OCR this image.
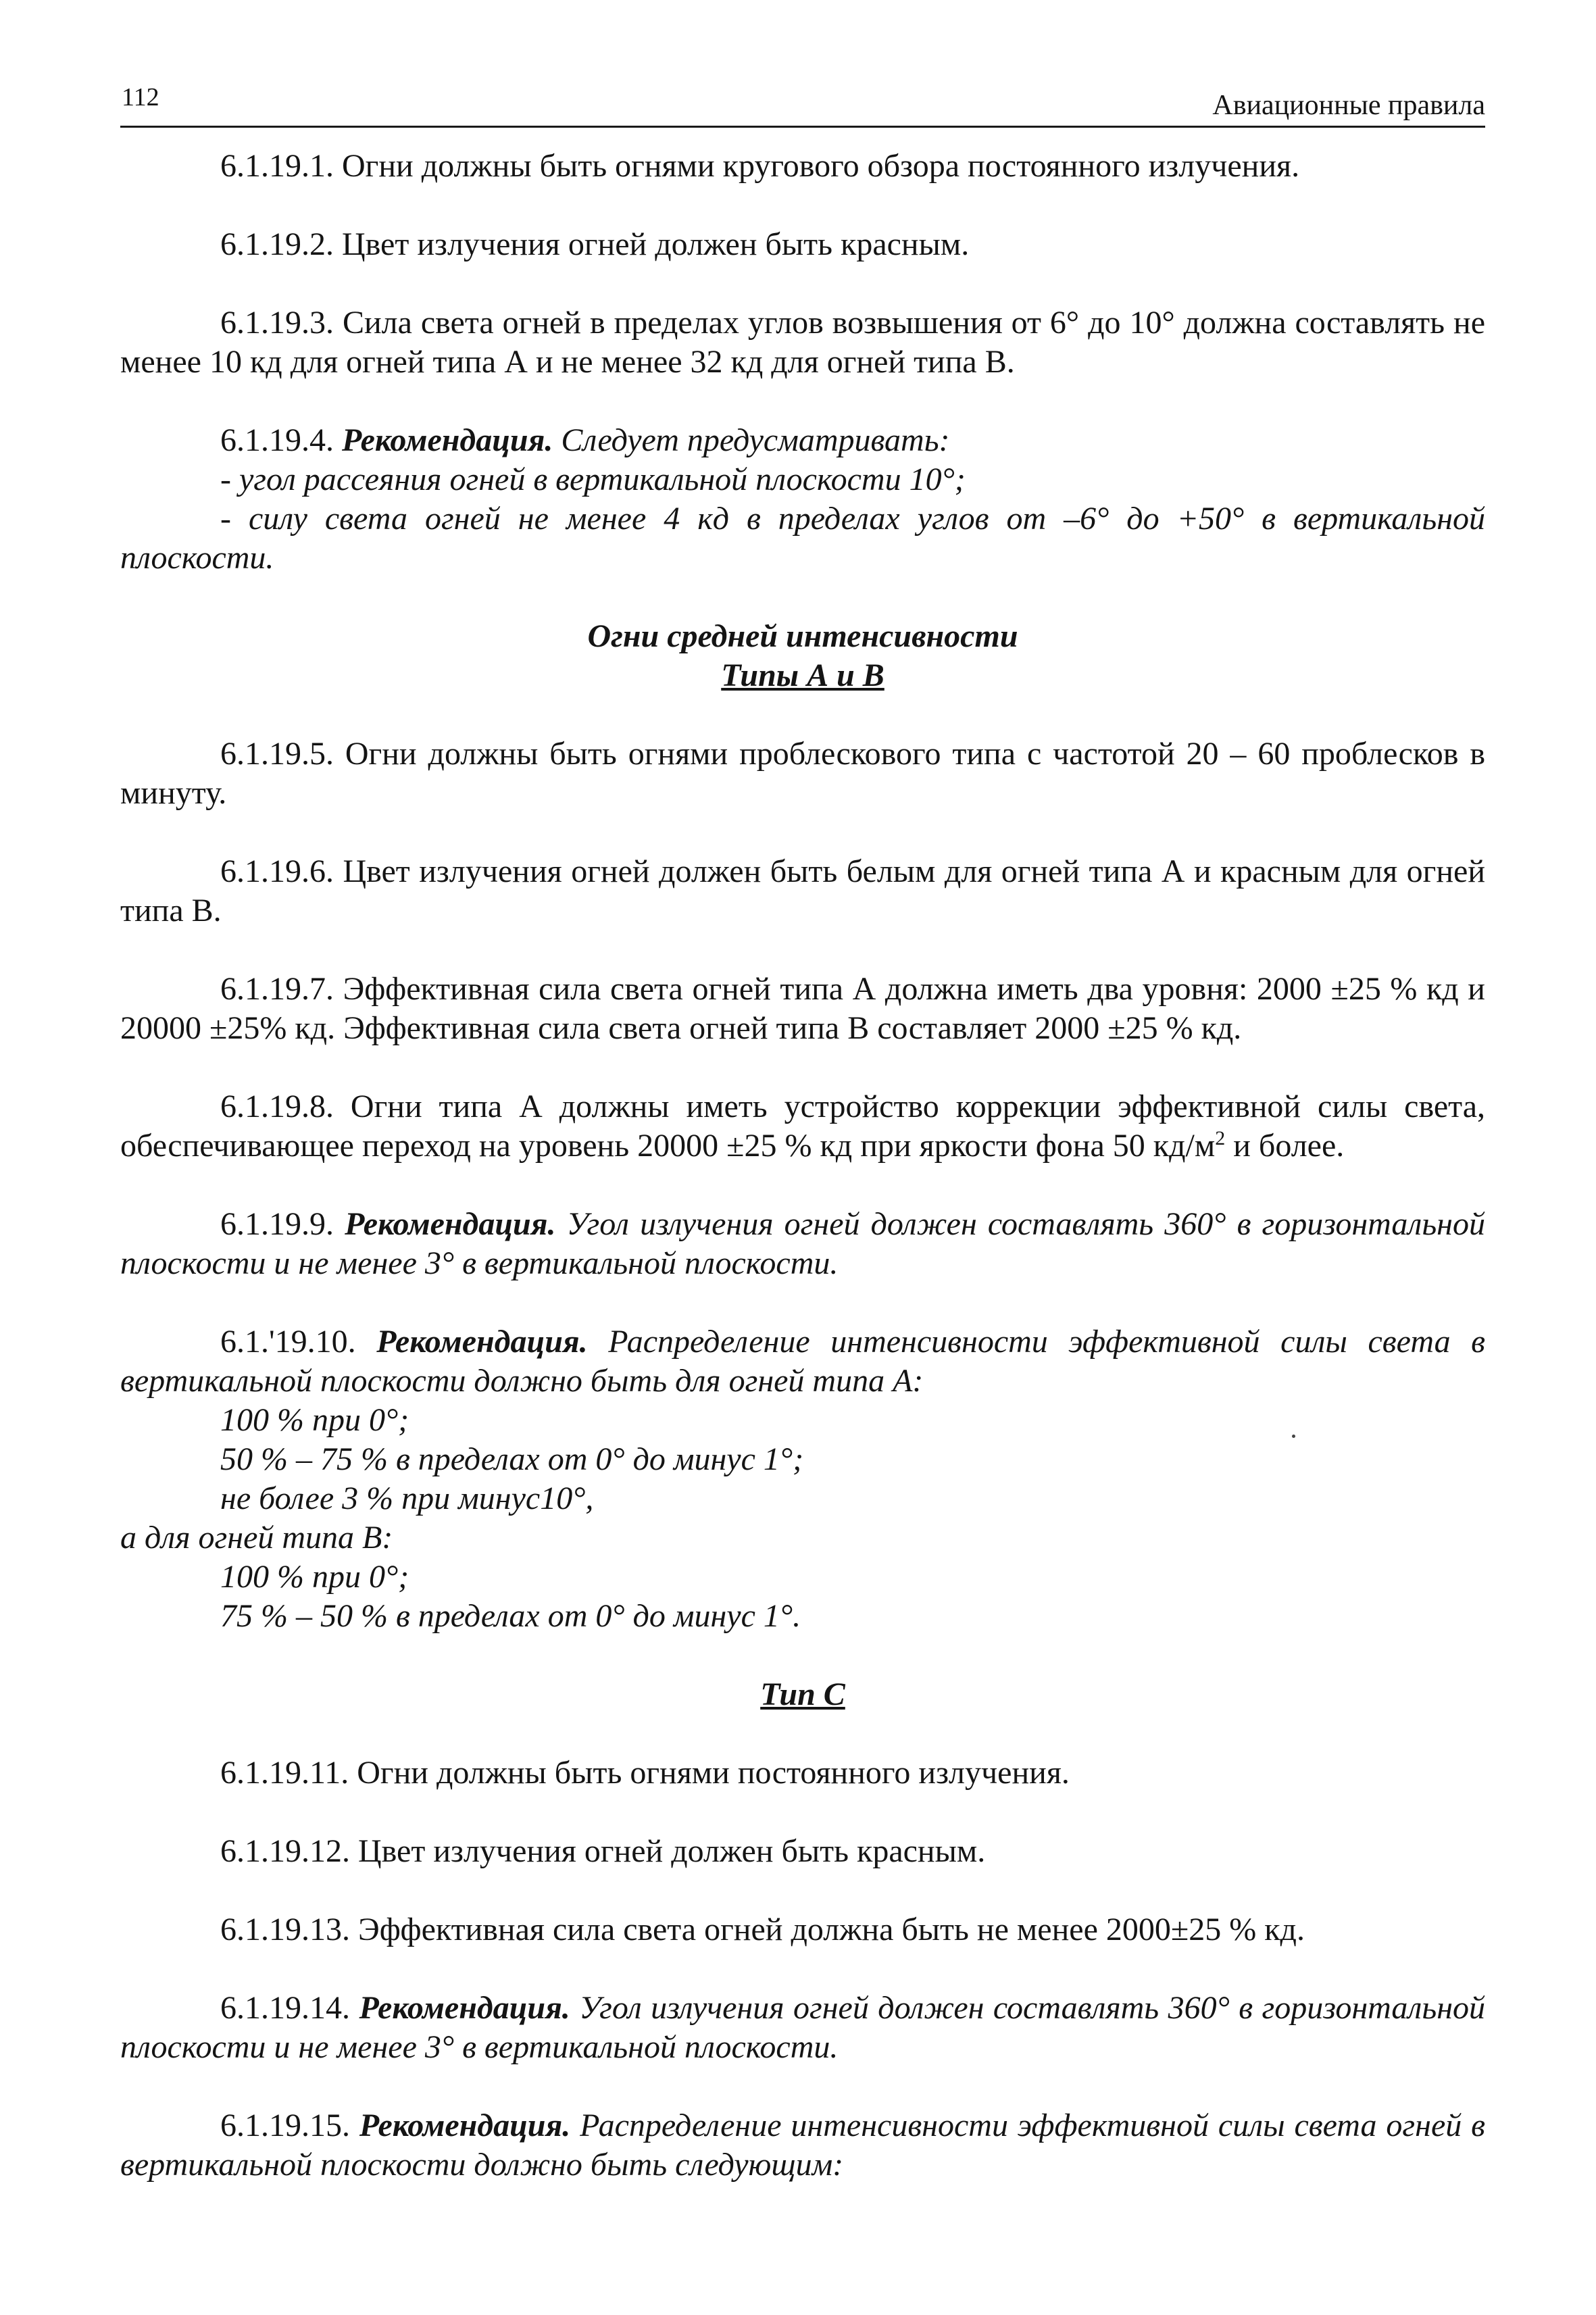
112	Авиационные правила

6.1.19.1. Огни должны быть огнями кругового обзора постоянного излучения.

6.1.19.2. Цвет излучения огней должен быть красным.

6.1.19.3. Сила света огней в пределах углов возвышения от 6° до 10° должна составлять не менее 10 кд для огней типа А и не менее 32 кд для огней типа В.

6.1.19.4. Рекомендация. Следует предусматривать:

- угол рассеяния огней в вертикальной плоскости 10°;

- силу света огней не менее 4 кд в пределах углов от –6° до +50° в вертикальной плоскости.

Огни средней интенсивности

Типы А и В

6.1.19.5. Огни должны быть огнями проблескового типа с частотой 20 – 60 проблесков в минуту.

6.1.19.6. Цвет излучения огней должен быть белым для огней типа А и красным для огней типа В.

6.1.19.7. Эффективная сила света огней типа А должна иметь два уровня: 2000 ±25 % кд и 20000 ±25% кд. Эффективная сила света огней типа В составляет 2000 ±25 % кд.

6.1.19.8. Огни типа А должны иметь устройство коррекции эффективной силы света, обеспечивающее переход на уровень 20000 ±25 % кд при яркости фона 50 $кд/м^2$ и более.

6.1.19.9. Рекомендация. Угол излучения огней должен составлять 360° в горизонтальной плоскости и не менее 3° в вертикальной плоскости.

6.1.'19.10. Рекомендация. Распределение интенсивности эффективной силы света в вертикальной плоскости должно быть для огней типа А:

100 % при 0°;

50 % – 75 % в пределах от 0° до минус 1°;

не более 3 % при минус10°,

а для огней типа В:

100 % при 0°;

75 % – 50 % в пределах от 0° до минус 1°.

Тип С

6.1.19.11. Огни должны быть огнями постоянного излучения.

6.1.19.12. Цвет излучения огней должен быть красным.

6.1.19.13. Эффективная сила света огней должна быть не менее 2000±25 % кд.

6.1.19.14. Рекомендация. Угол излучения огней должен составлять 360° в горизонтальной плоскости и не менее 3° в вертикальной плоскости.

6.1.19.15. Рекомендация. Распределение интенсивности эффективной силы света огней в вертикальной плоскости должно быть следующим:
